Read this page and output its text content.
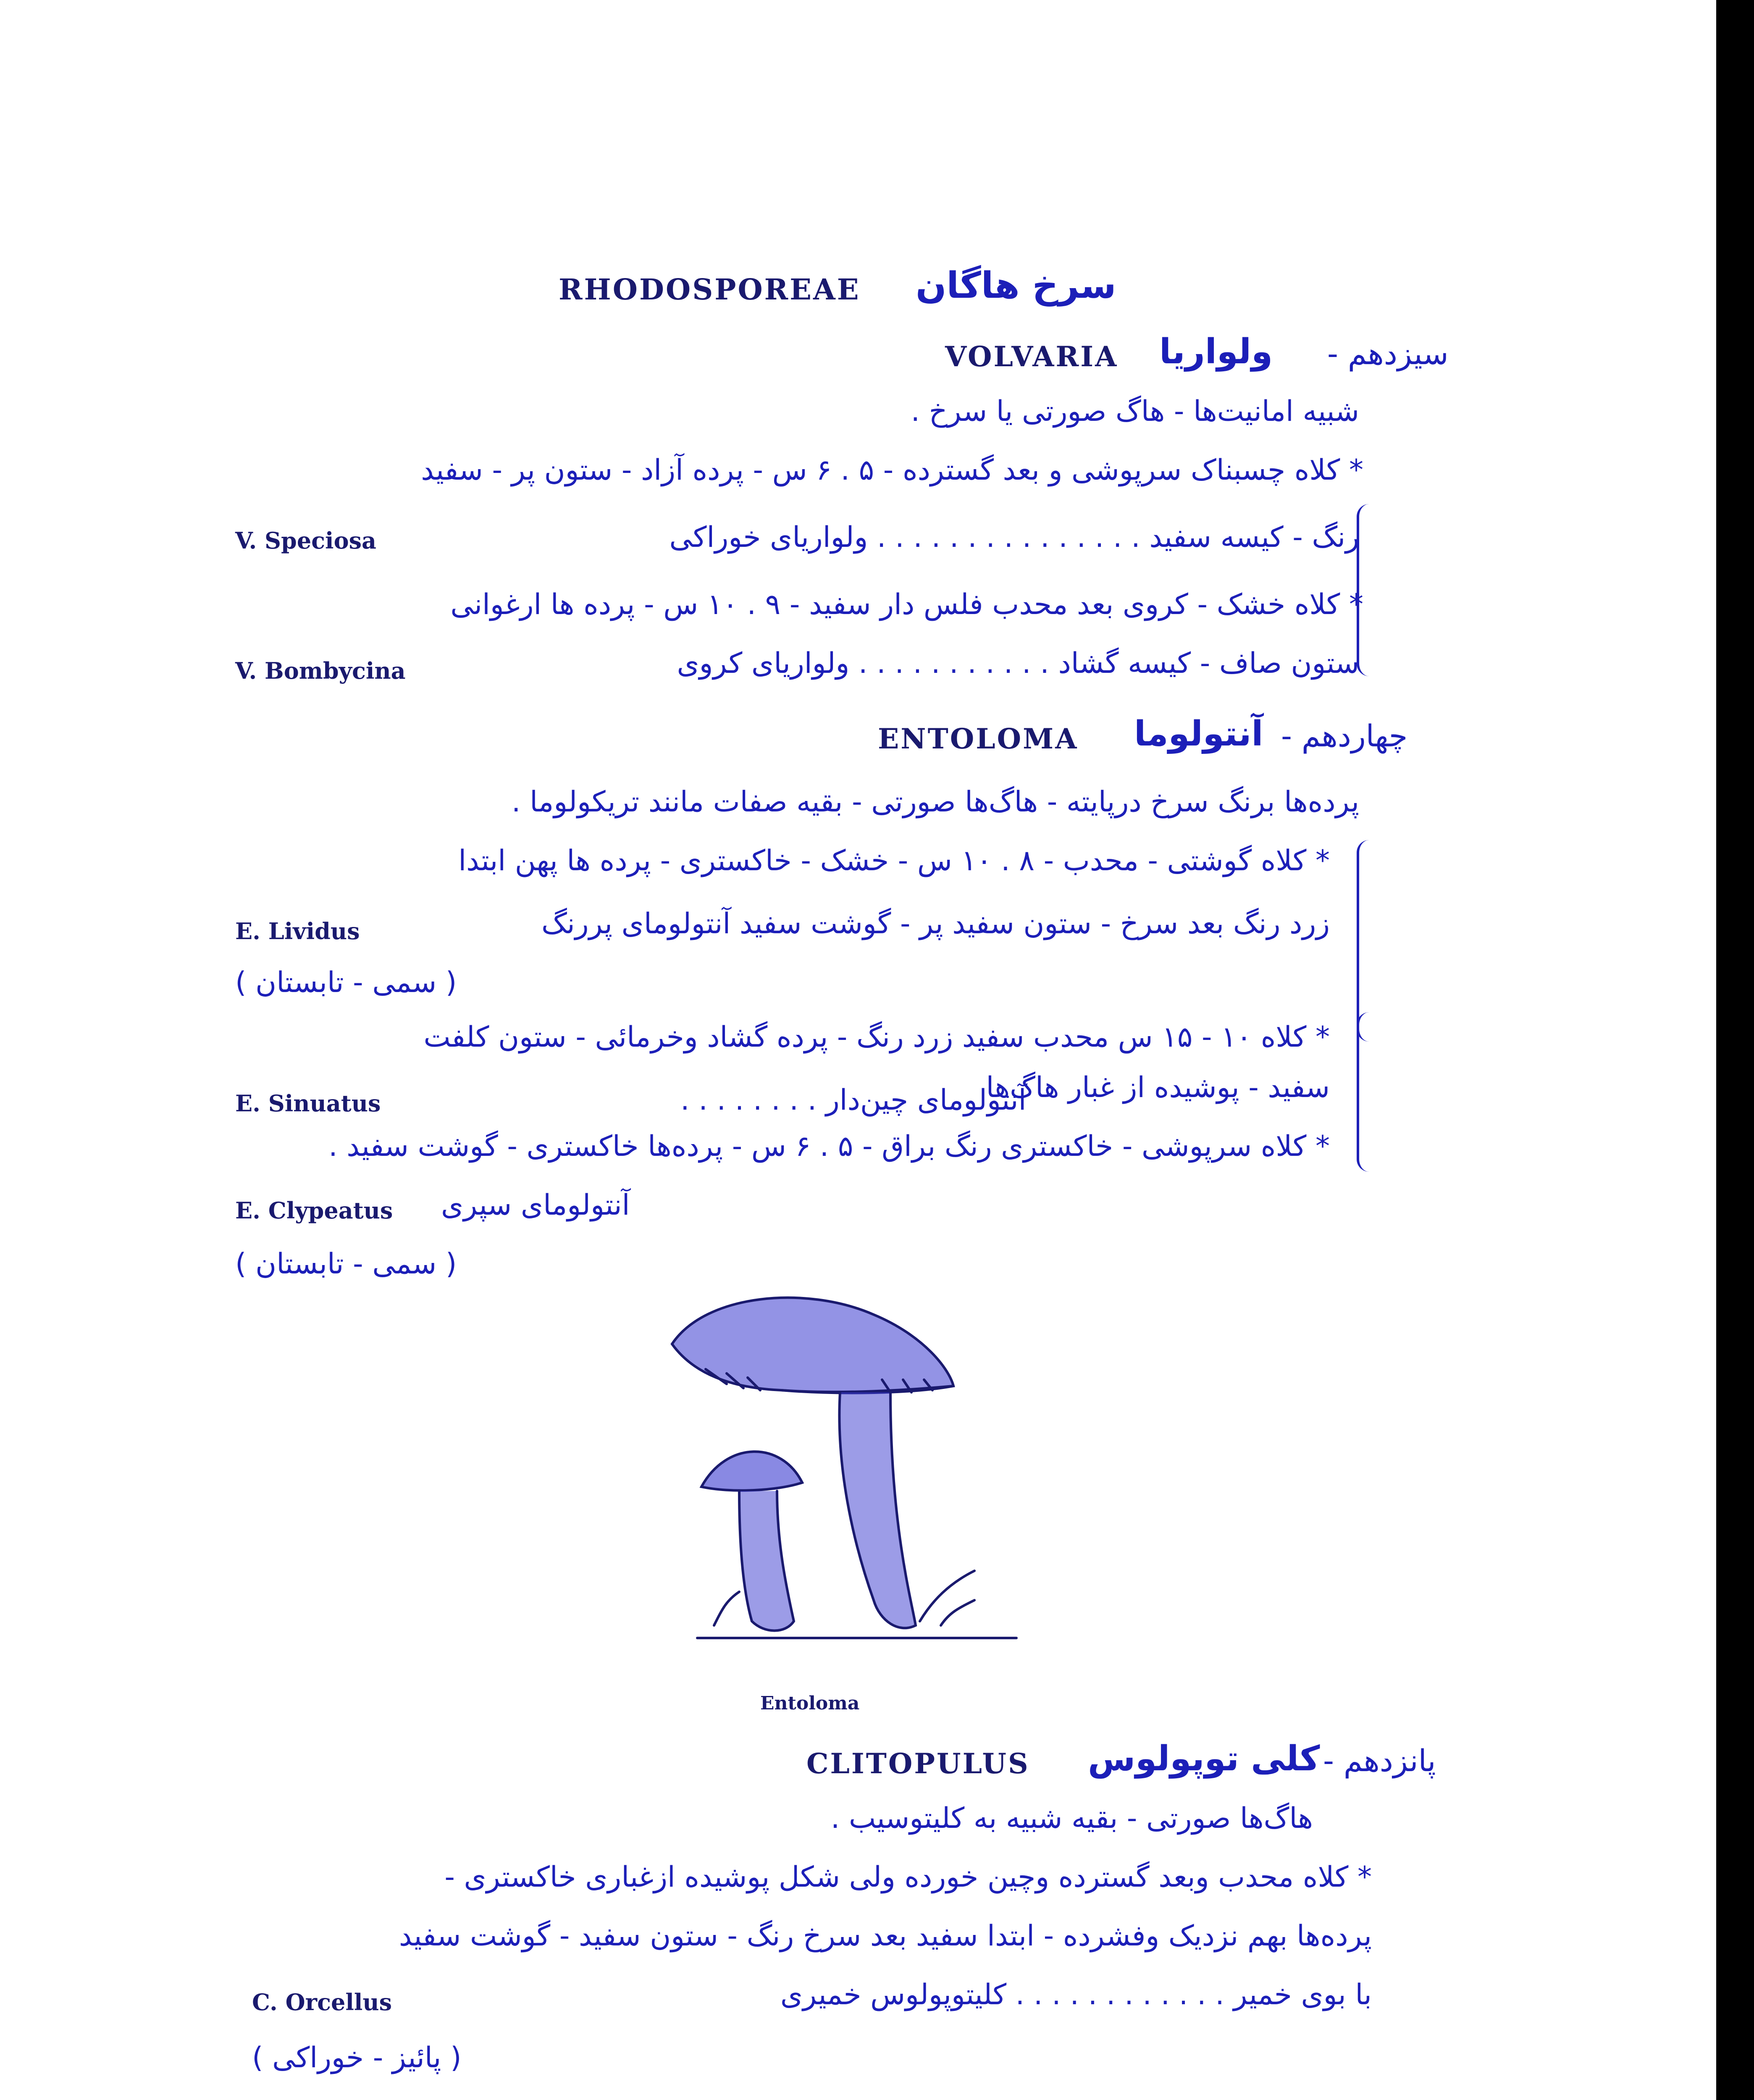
RHODOSPOREAE سرخ هاگان
VOLVARIA ولواریا سیزدهم -
شبیه امانیت‌ها - هاگ صورتی یا سرخ .
* کلاه چسبناک سرپوشی و بعد گسترده - ۵ . ۶ س - پرده آزاد - ستون پر - سفید
رنگ - کیسه سفید . . . . . . . . . . . . . . . ولواریای خوراکی
V. Speciosa
* کلاه خشک - کروی بعد محدب فلس دار سفید - ۹ . ۱۰ س - پرده ها ارغوانی
ستون صاف - کیسه گشاد . . . . . . . . . . . ولواریای کروی
V. Bombycina
ENTOLOMA آنتولوما چهاردهم -
پرده‌ها برنگ سرخ درپایته - هاگ‌ها صورتی - بقیه صفات مانند تریکولوما .
* کلاه گوشتی - محدب - ۸ . ۱۰ س - خشک - خاکستری - پرده ها پهن ابتدا
زرد رنگ بعد سرخ - ستون سفید پر - گوشت سفید آنتولومای پررنگ
E. Lividus
( سمی - تابستان )
* کلاه ۱۰ - ۱۵ س محدب سفید زرد رنگ - پرده گشاد وخرمائی - ستون کلفت
سفید - پوشیده از غبار هاگ‌ها
آنتولومای چین‌دار . . . . . . . .
E. Sinuatus
* کلاه سرپوشی - خاکستری رنگ براق - ۵ . ۶ س - پرده‌ها خاکستری - گوشت سفید .
E. Clypeatus آنتولومای سپری
( سمی - تابستان )
Entoloma
CLITOPULUS کلی توپولوس پانزدهم -
هاگ‌ها صورتی - بقیه شبیه به کلیتوسیب .
* کلاه محدب وبعد گسترده وچین خورده ولی شکل پوشیده ازغباری خاکستری -
پرده‌ها بهم نزدیک وفشرده - ابتدا سفید بعد سرخ رنگ - ستون سفید - گوشت سفید
با بوی خمیر . . . . . . . . . . . . کلیتوپولوس خمیری
C. Orcellus
( پائیز - خوراکی )
